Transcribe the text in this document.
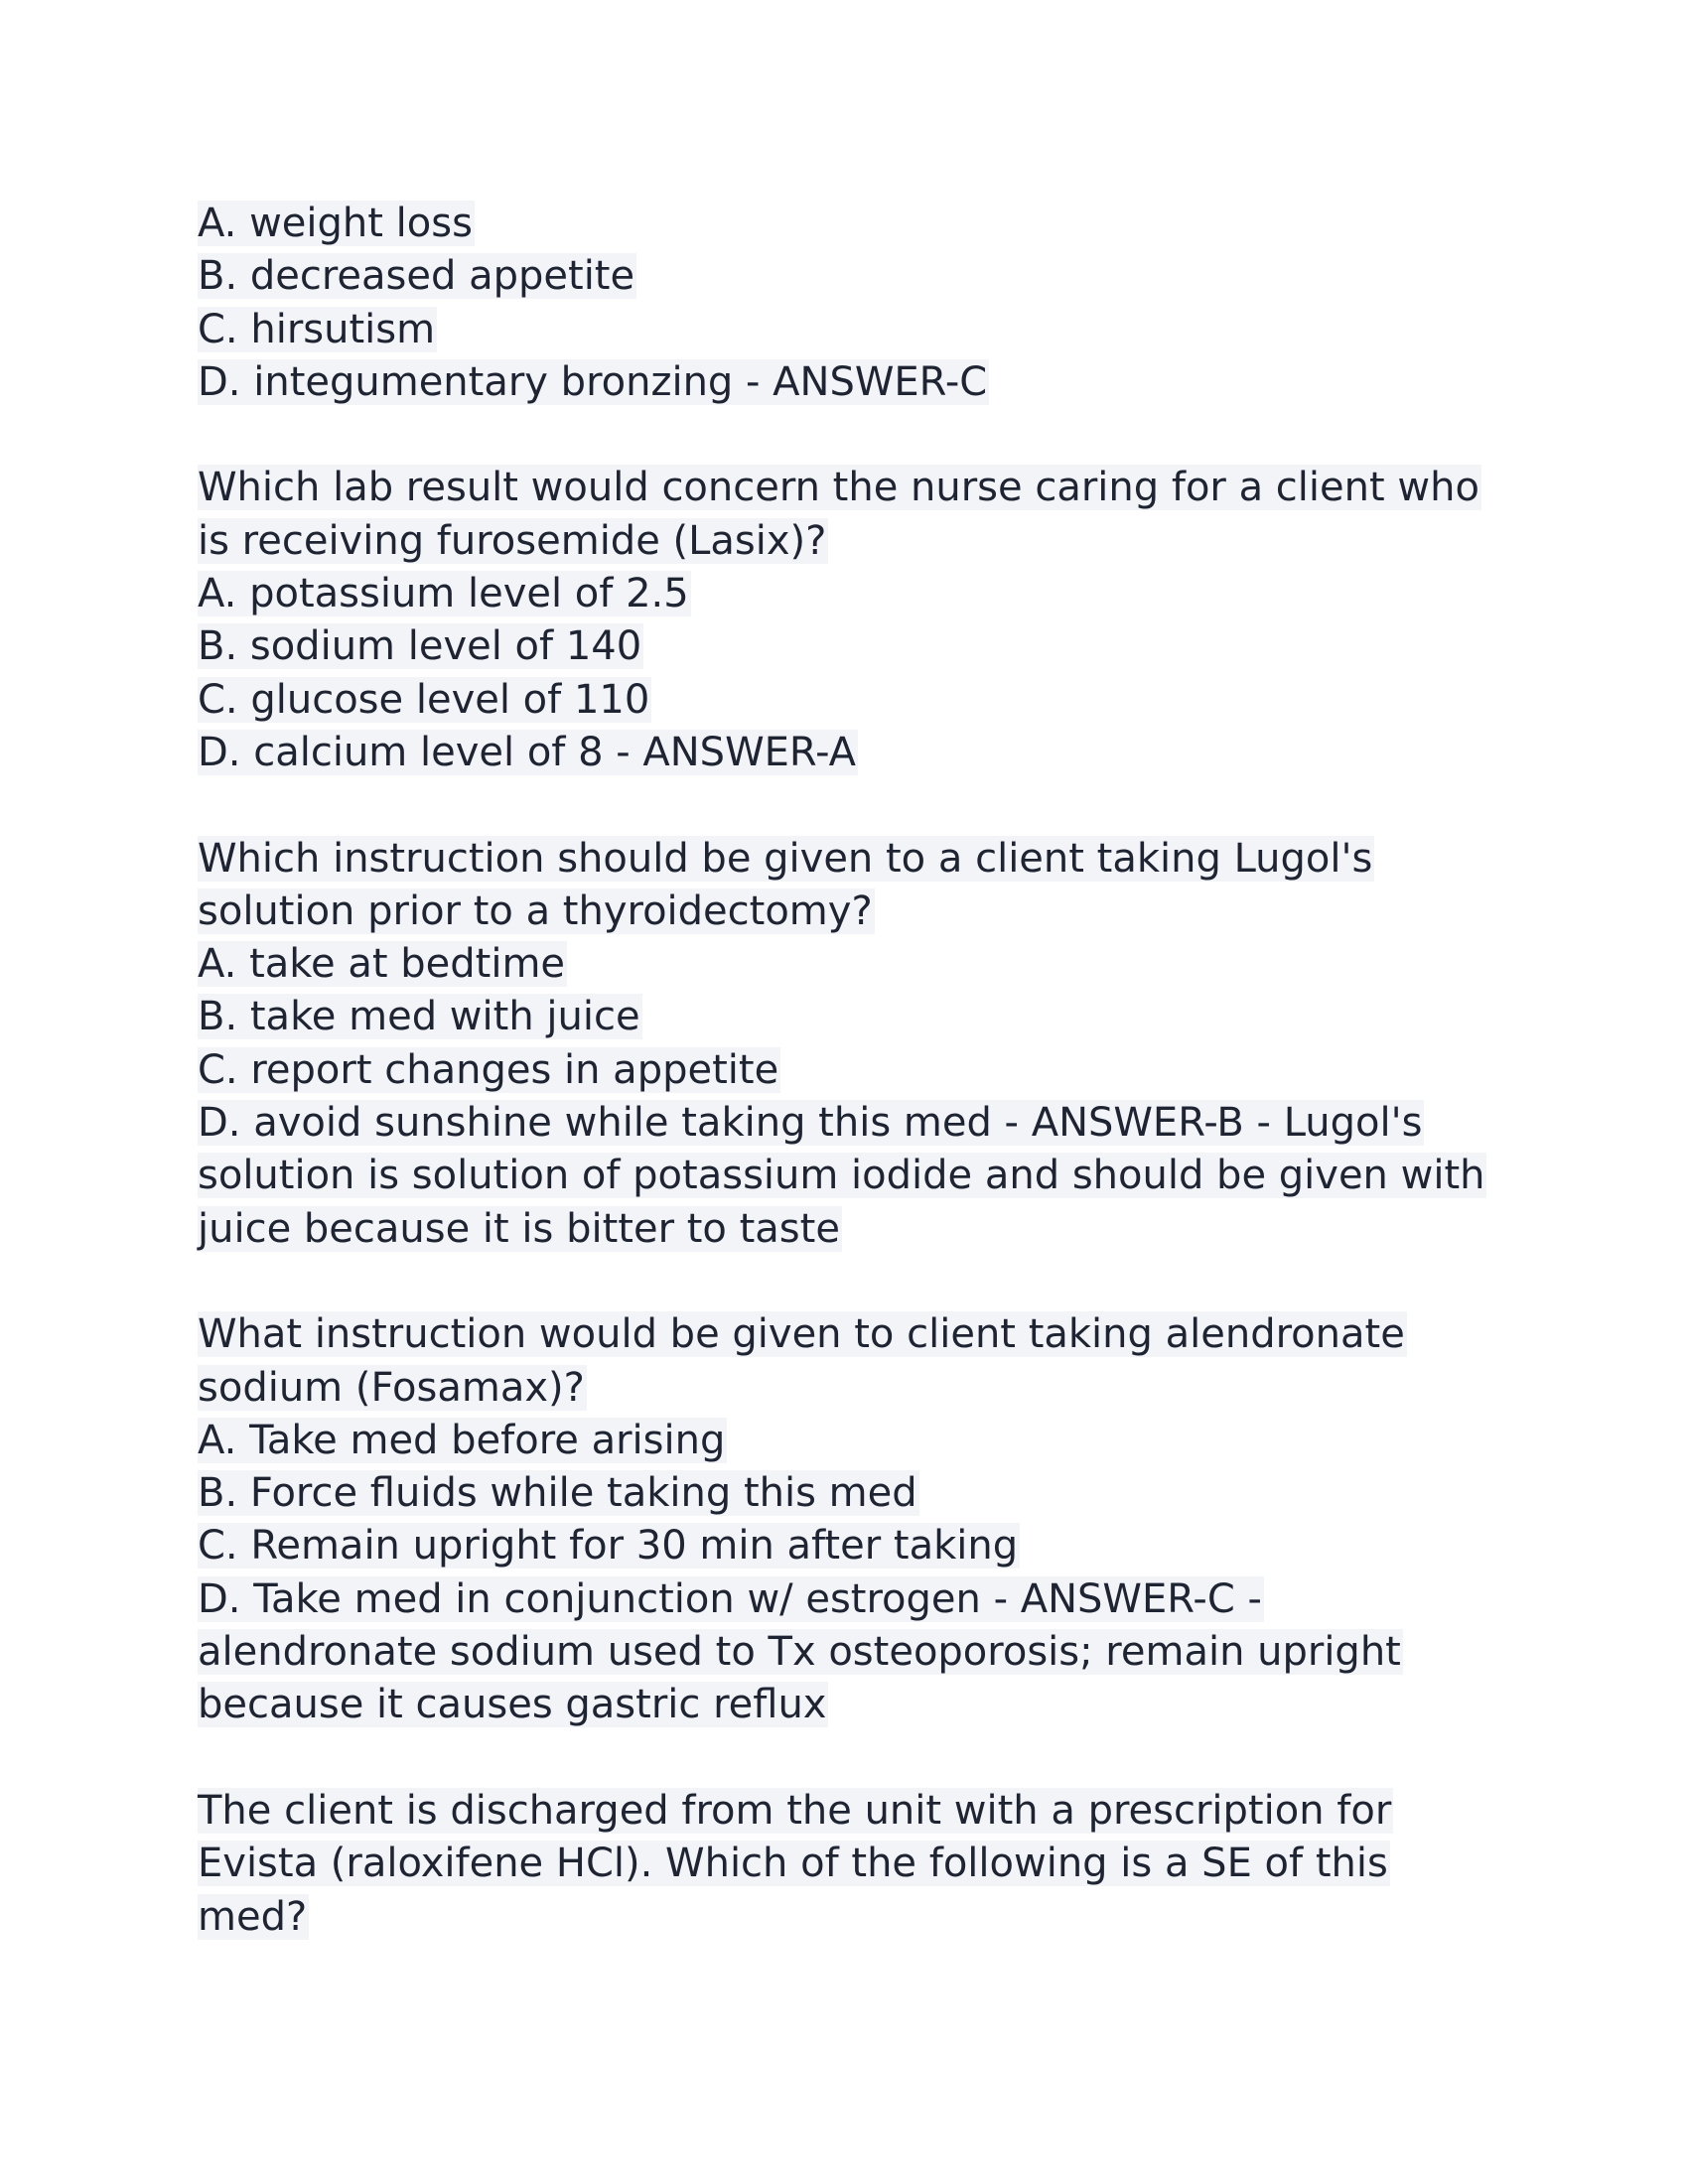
A. weight loss
B. decreased appetite
C. hirsutism
D. integumentary bronzing - ANSWER-C
Which lab result would concern the nurse caring for a client who
is receiving furosemide (Lasix)?
A. potassium level of 2.5
B. sodium level of 140
C. glucose level of 110
D. calcium level of 8 - ANSWER-A
Which instruction should be given to a client taking Lugol's
solution prior to a thyroidectomy?
A. take at bedtime
B. take med with juice
C. report changes in appetite
D. avoid sunshine while taking this med - ANSWER-B - Lugol's
solution is solution of potassium iodide and should be given with
juice because it is bitter to taste
What instruction would be given to client taking alendronate
sodium (Fosamax)?
A. Take med before arising
B. Force fluids while taking this med
C. Remain upright for 30 min after taking
D. Take med in conjunction w/ estrogen - ANSWER-C -
alendronate sodium used to Tx osteoporosis; remain upright
because it causes gastric reflux
The client is discharged from the unit with a prescription for
Evista (raloxifene HCl). Which of the following is a SE of this
med?
